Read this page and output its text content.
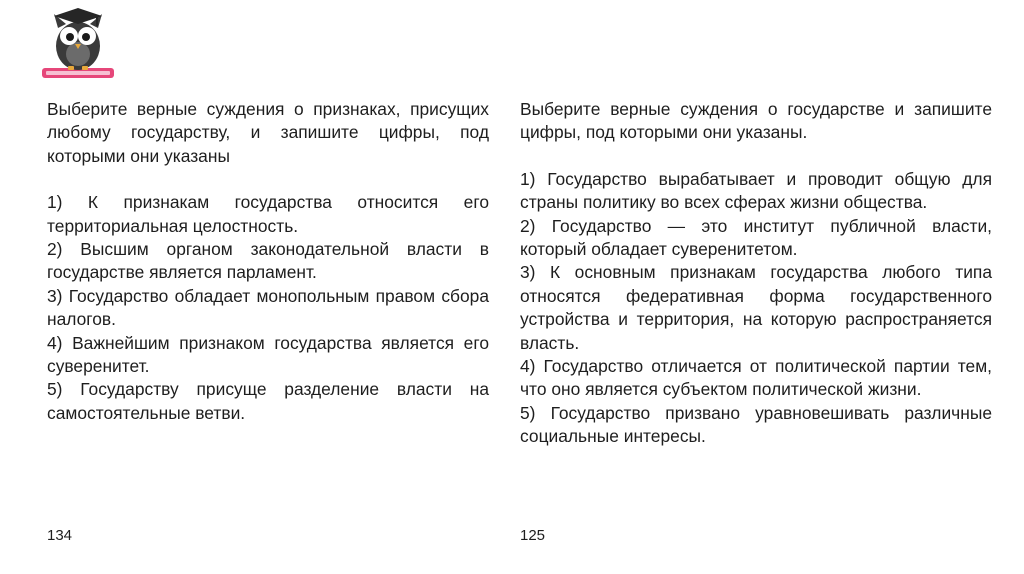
Выберите верные суждения о признаках, присущих любому государству, и запишите цифры, под которыми они указаны

1) К признакам государства относится его территориальная целостность.

2) Высшим органом законодательной власти в государстве является парламент.

3) Государство обладает монопольным правом сбора налогов.

4) Важнейшим признаком государства является его суверенитет.

5) Государству присуще разделение власти на самостоятельные ветви.

Выберите верные суждения о государстве и запишите цифры, под которыми они указаны.

1) Государство вырабатывает и проводит общую для страны политику во всех сферах жизни общества.

2) Государство — это институт публичной власти, который обладает суверенитетом.

3) К основным признакам государства любого типа относятся федеративная форма государственного устройства и территория, на которую распространяется власть.

4) Государство отличается от политической партии тем, что оно является субъектом политической жизни.

5) Государство призвано уравновешивать различные социальные интересы.

134	125
